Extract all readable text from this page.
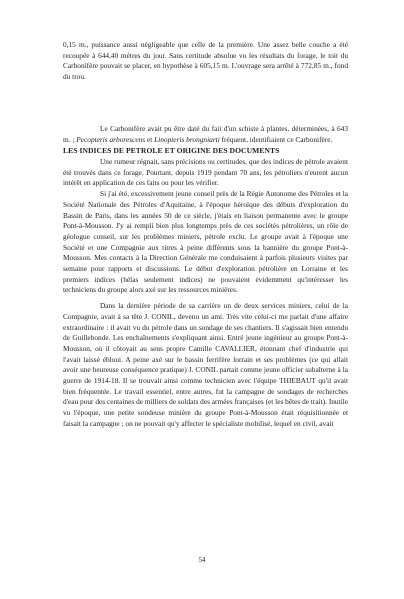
0,15 m., puissance aussi négligeable que celle de la première. Une assez belle couche a été recoupée à 644,40 mètres du jour. Sans certitude absolue vu les résultats du forage, le toit du Carbonifère pouvait se placer, en hypothèse à 605,15 m. L'ouvrage sera arrêté à 772,85 m., fond du trou.

Le Carbonifère avait pu être daté du fait d'un schiste à plantes, déterminées, à 643 m. ; Pecopteris arborescens et Linopteris brongniarti fréquent, identifiaient ce Carbonifère.

LES INDICES DE PETROLE ET ORIGINE DES DOCUMENTS

Une rumeur régnait, sans précisions ou certitudes, que des indices de pétrole avaient été trouvés dans ce forage. Pourtant, depuis 1919 pendant 70 ans, les pétroliers n'eurent aucun intérêt en application de ces faits ou pour les vérifier.

Si j'ai été, excessivement jeune conseil près de la Régie Autonome des Pétroles et la Société Nationale des Pétroles d'Aquitaine, à l'époque héroïque des débuts d'exploration du Bassin de Paris, dans les années 50 de ce siècle, j'étais en liaison permanente avec le groupe Pont-à-Mousson. J'y ai rempli bien plus longtemps près de ces sociétés pétrolières, un rôle de géologue conseil, sur les problèmes miniers, pétrole exclu. Le groupe avait à l'époque une Société et une Compagnie aux titres à peine différents sous la bannière du groupe Pont-à-Mousson. Mes contacts à la Direction Générale me conduisaient à parfois plusieurs visites par semaine pour rapports et discussions. Le début d'exploration pétrolière en Lorraine et les premiers indices (hélas seulement indices) ne pouvaient évidemment qu'intéresser les techniciens du groupe alors axé sur les ressources minières.

Dans la dernière période de sa carrière un de deux services miniers, celui de la Compagnie, avait à sa tête J. CONIL, devenu un ami. Très vite celui-ci me parlait d'une affaire extraordinaire : il avait vu du pétrole dans un sondage de ses chantiers. Il s'agissait bien entendu de Guillebonde. Les enchaînements s'expliquant ainsi. Entré jeune ingénieur au groupe Pont-à-Mousson, où il côtoyait au sens propre Camille CAVALLIER, étonnant chef d'industrie qui l'avait laissé ébloui. A peine axé sur le bassin ferrifère lorrain et ses problèmes (ce qui allait avoir une heureuse conséquence pratique) J. CONIL partait comme jeune officier subalterne à la guerre de 1914-18. Il se trouvait ainsi comme technicien avec l'équipe THIEBAUT qu'il avait bien fréquentée. Le travail essentiel, entre autres, fut la campagne de sondages de recherches d'eau pour des centaines de milliers de soldats des armées françaises (et les bêtes de trait). Inutile vu l'époque, une petite sondeuse minière du groupe Pont-à-Mousson était réquisitionnée et faisait la campagne ; on ne pouvait qu'y affecter le spécialiste mobilisé, lequel en civil, avait

54
